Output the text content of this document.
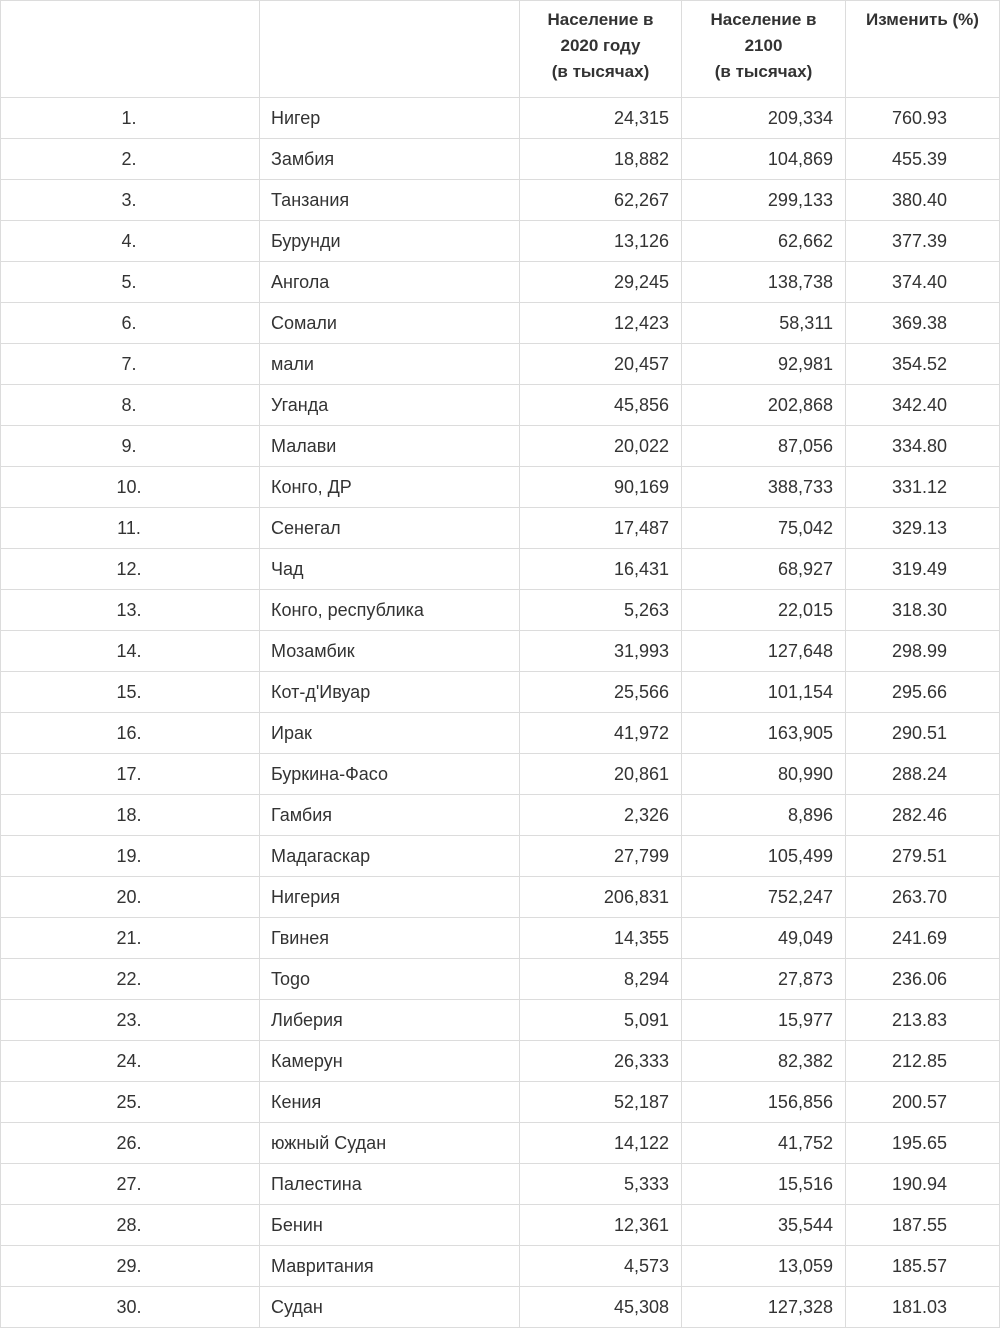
		Население в
2020 году
(в тысячах)	Население в
2100
(в тысячах)	Изменить (%)

1.	Нигер	24,315	209,334	760.93
2.	Замбия	18,882	104,869	455.39
3.	Танзания	62,267	299,133	380.40
4.	Бурунди	13,126	62,662	377.39
5.	Ангола	29,245	138,738	374.40
6.	Сомали	12,423	58,311	369.38
7.	мали	20,457	92,981	354.52
8.	Уганда	45,856	202,868	342.40
9.	Малави	20,022	87,056	334.80
10.	Конго, ДР	90,169	388,733	331.12
11.	Сенегал	17,487	75,042	329.13
12.	Чад	16,431	68,927	319.49
13.	Конго, республика	5,263	22,015	318.30
14.	Мозамбик	31,993	127,648	298.99
15.	Кот-д'Ивуар	25,566	101,154	295.66
16.	Ирак	41,972	163,905	290.51
17.	Буркина-Фасо	20,861	80,990	288.24
18.	Гамбия	2,326	8,896	282.46
19.	Мадагаскар	27,799	105,499	279.51
20.	Нигерия	206,831	752,247	263.70
21.	Гвинея	14,355	49,049	241.69
22.	Togo	8,294	27,873	236.06
23.	Либерия	5,091	15,977	213.83
24.	Камерун	26,333	82,382	212.85
25.	Кения	52,187	156,856	200.57
26.	южный Судан	14,122	41,752	195.65
27.	Палестина	5,333	15,516	190.94
28.	Бенин	12,361	35,544	187.55
29.	Мавритания	4,573	13,059	185.57
30.	Судан	45,308	127,328	181.03
